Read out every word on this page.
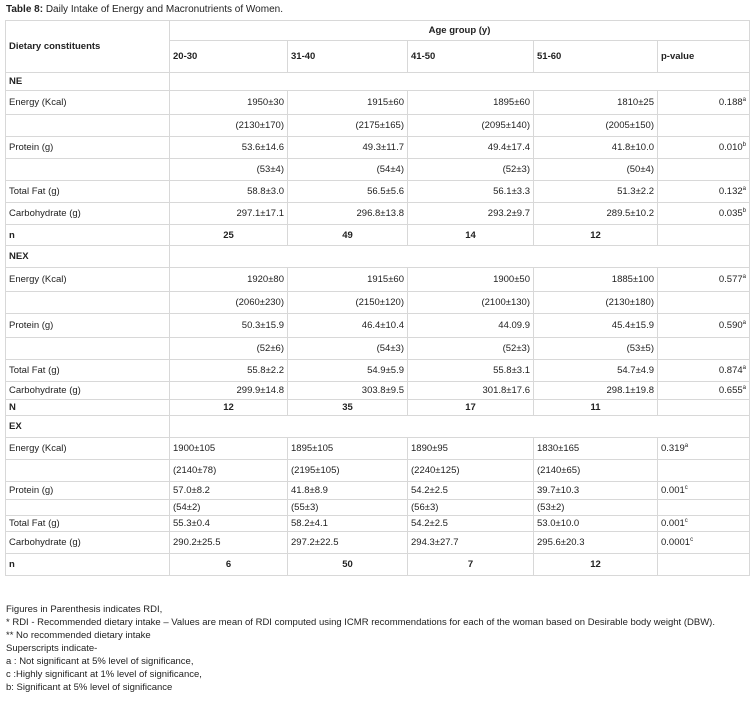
Table 8: Daily Intake of Energy and Macronutrients of Women.
Dietary constituents	Age group (y)				
	20-30	31-40	41-50	51-60	p-value
NE					
Energy (Kcal)	1950±30	1915±60	1895±60	1810±25	0.188$^a$
	(2130±170)	(2175±165)	(2095±140)	(2005±150)	
Protein (g)	53.6±14.6	49.3±11.7	49.4±17.4	41.8±10.0	0.010$^b$
	(53±4)	(54±4)	(52±3)	(50±4)	
Total Fat (g)	58.8±3.0	56.5±5.6	56.1±3.3	51.3±2.2	0.132$^a$
Carbohydrate (g)	297.1±17.1	296.8±13.8	293.2±9.7	289.5±10.2	0.035$^b$
n	25	49	14	12	
NEX					
Energy (Kcal)	1920±80	1915±60	1900±50	1885±100	0.577$^a$
	(2060±230)	(2150±120)	(2100±130)	(2130±180)	
Protein (g)	50.3±15.9	46.4±10.4	44.09.9	45.4±15.9	0.590$^a$
	(52±6)	(54±3)	(52±3)	(53±5)	
Total Fat (g)	55.8±2.2	54.9±5.9	55.8±3.1	54.7±4.9	0.874$^a$
Carbohydrate (g)	299.9±14.8	303.8±9.5	301.8±17.6	298.1±19.8	0.655$^a$
N	12	35	17	11	
EX					
Energy (Kcal)	1900±105	1895±105	1890±95	1830±165	0.319$^a$
	(2140±78)	(2195±105)	(2240±125)	(2140±65)	
Protein (g)	57.0±8.2	41.8±8.9	54.2±2.5	39.7±10.3	0.001$^c$
	(54±2)	(55±3)	(56±3)	(53±2)	
Total Fat (g)	55.3±0.4	58.2±4.1	54.2±2.5	53.0±10.0	0.001$^c$
Carbohydrate (g)	290.2±25.5	297.2±22.5	294.3±27.7	295.6±20.3	0.0001$^c$
n	6	50	7	12	
Figures in Parenthesis indicates RDI,
* RDI - Recommended dietary intake – Values are mean of RDI computed using ICMR recommendations for each of the woman based on Desirable body weight (DBW).
** No recommended dietary intake
Superscripts indicate-
a : Not significant at 5% level of significance,
c :Highly significant at 1% level of significance,
b: Significant at 5% level of significance
